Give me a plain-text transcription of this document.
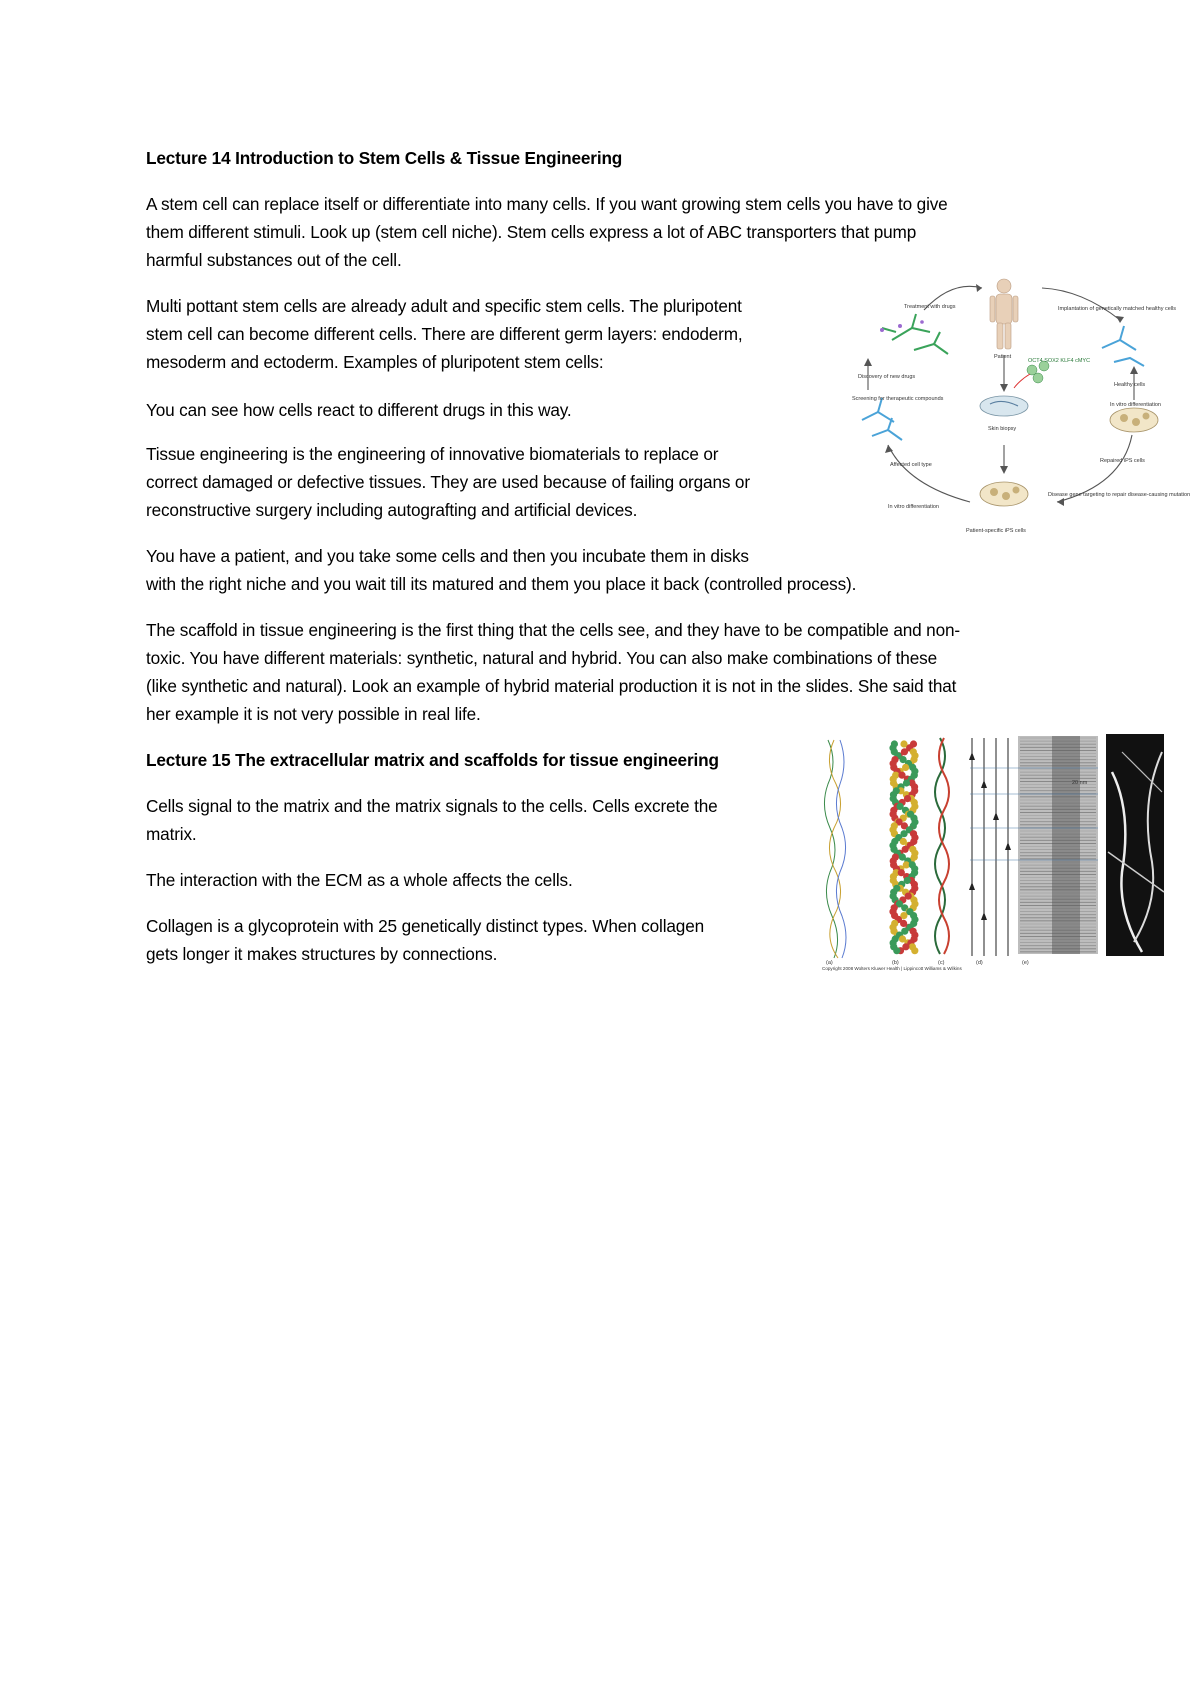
Lecture 14 Introduction to Stem Cells & Tissue Engineering

A stem cell can replace itself or differentiate into many cells. If you want growing stem cells you have to give

them different stimuli. Look up (stem cell niche). Stem cells express a lot of ABC transporters that pump

harmful substances out of the cell.

Multi pottant stem cells are already adult and specific stem cells. The pluripotent

stem cell can become different cells. There are different germ layers: endoderm,

mesoderm and ectoderm. Examples of pluripotent stem cells:

You can see how cells react to different drugs in this way.

Tissue engineering is the engineering of innovative biomaterials to replace or

correct damaged or defective tissues. They are used because of failing organs or

reconstructive surgery including autografting and artificial devices.

You have a patient, and you take some cells and then you incubate them in disks

with the right niche and you wait till its matured and them you place it back (controlled process).

The scaffold in tissue engineering is the first thing that the cells see, and they have to be compatible and non-

toxic. You have different materials: synthetic, natural and hybrid. You can also make combinations of these

(like synthetic and natural). Look an example of hybrid material production it is not in the slides. She said that

her example it is not very possible in real life.

Lecture 15 The extracellular matrix and scaffolds for tissue engineering

Cells signal to the matrix and the matrix signals to the cells. Cells excrete the

matrix.

The interaction with the ECM as a whole affects the cells.

Collagen is a glycoprotein with 25 genetically distinct types. When collagen

gets longer it makes structures by connections.

Treatment with drugs	Implantation of genetically matched healthy cells
Patient
Discovery of new drugs
Healthy cells
Screening for therapeutic compounds
In vitro differentiation
Skin biopsy
Affected cell type
Repaired iPS cells
In vitro differentiation
Disease gene targeting to repair disease-causing mutation
Patient-specific iPS cells
OCT4 SOX2 KLF4 cMYC
20 nm
(a)	(b)	(c)	(d)	(e)
Copyright 2008 Wolters Kluwer Health | Lippincott Williams & Wilkins
